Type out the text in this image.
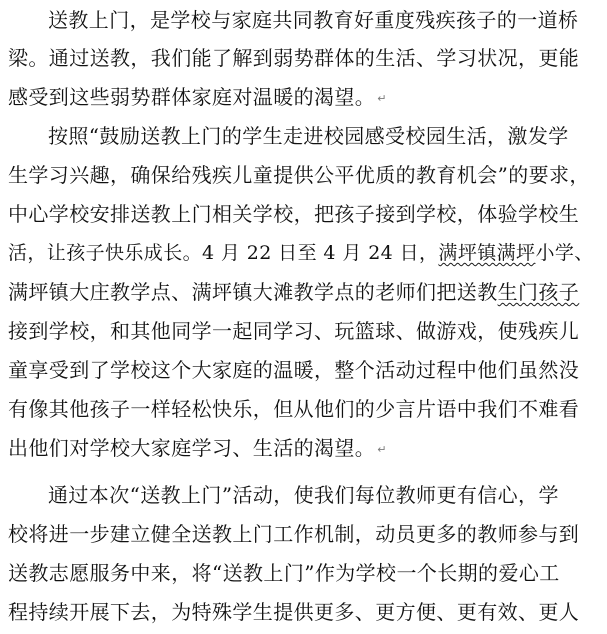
送教上门，是学校与家庭共同教育好重度残疾孩子的一道桥
梁。通过送教，我们能了解到弱势群体的生活、学习状况，更能
感受到这些弱势群体家庭对温暖的渴望。 ↵
按照“鼓励送教上门的学生走进校园感受校园生活，激发学
生学习兴趣，确保给残疾儿童提供公平优质的教育机会”的要求，
中心学校安排送教上门相关学校，把孩子接到学校，体验学校生
活，让孩子快乐成长。4 月 22 日至 4 月 24 日，满坪镇满坪小学、
满坪镇大庄教学点、满坪镇大滩教学点的老师们把送教生门孩子
接到学校，和其他同学一起同学习、玩篮球、做游戏，使残疾儿
童享受到了学校这个大家庭的温暖，整个活动过程中他们虽然没
有像其他孩子一样轻松快乐，但从他们的少言片语中我们不难看
出他们对学校大家庭学习、生活的渴望。 ↵
通过本次“送教上门”活动，使我们每位教师更有信心，学
校将进一步建立健全送教上门工作机制，动员更多的教师参与到
送教志愿服务中来，将“送教上门”作为学校一个长期的爱心工
程持续开展下去，为特殊学生提供更多、更方便、更有效、更人
